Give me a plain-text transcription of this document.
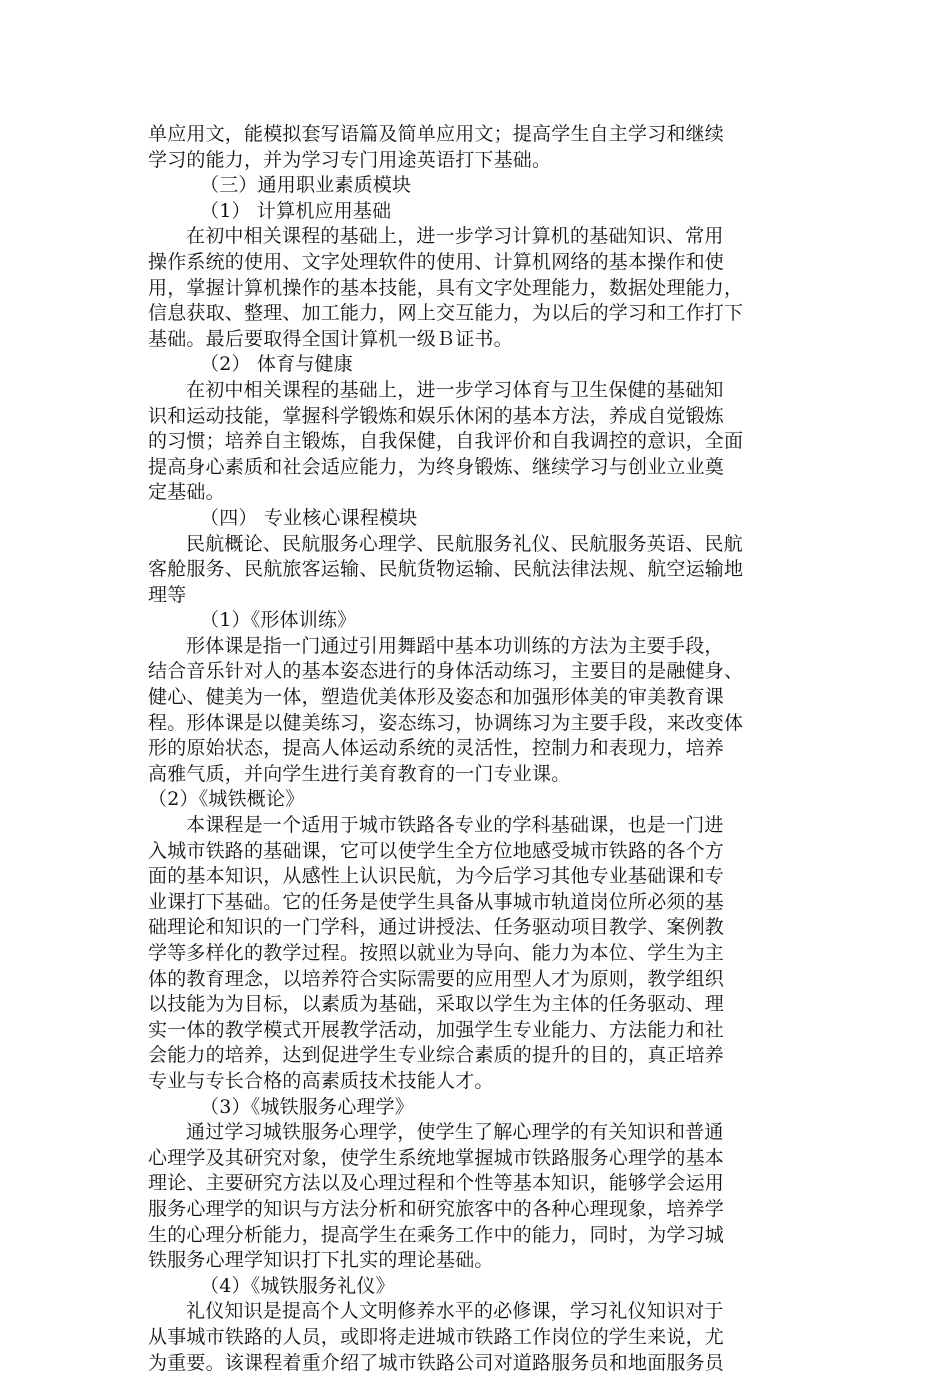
单应用文，能模拟套写语篇及简单应用文；提高学生自主学习和继续
学习的能力，并为学习专门用途英语打下基础。
（三）通用职业素质模块
（1） 计算机应用基础
在初中相关课程的基础上，进一步学习计算机的基础知识、常用
操作系统的使用、文字处理软件的使用、计算机网络的基本操作和使
用，掌握计算机操作的基本技能，具有文字处理能力，数据处理能力，
信息获取、整理、加工能力，网上交互能力，为以后的学习和工作打下
基础。最后要取得全国计算机一级Ｂ证书。
（2） 体育与健康
在初中相关课程的基础上，进一步学习体育与卫生保健的基础知
识和运动技能，掌握科学锻炼和娱乐休闲的基本方法，养成自觉锻炼
的习惯；培养自主锻炼，自我保健，自我评价和自我调控的意识，全面
提高身心素质和社会适应能力，为终身锻炼、继续学习与创业立业奠
定基础。
（四） 专业核心课程模块
民航概论、民航服务心理学、民航服务礼仪、民航服务英语、民航
客舱服务、民航旅客运输、民航货物运输、民航法律法规、航空运输地
理等
（1）《形体训练》
形体课是指一门通过引用舞蹈中基本功训练的方法为主要手段，
结合音乐针对人的基本姿态进行的身体活动练习，主要目的是融健身、
健心、健美为一体，塑造优美体形及姿态和加强形体美的审美教育课
程。形体课是以健美练习，姿态练习，协调练习为主要手段，来改变体
形的原始状态，提高人体运动系统的灵活性，控制力和表现力，培养
高雅气质，并向学生进行美育教育的一门专业课。
（2）《城铁概论》
本课程是一个适用于城市铁路各专业的学科基础课，也是一门进
入城市铁路的基础课，它可以使学生全方位地感受城市铁路的各个方
面的基本知识，从感性上认识民航，为今后学习其他专业基础课和专
业课打下基础。它的任务是使学生具备从事城市轨道岗位所必须的基
础理论和知识的一门学科，通过讲授法、任务驱动项目教学、案例教
学等多样化的教学过程。按照以就业为导向、能力为本位、学生为主
体的教育理念，以培养符合实际需要的应用型人才为原则，教学组织
以技能为为目标，以素质为基础，采取以学生为主体的任务驱动、理
实一体的教学模式开展教学活动，加强学生专业能力、方法能力和社
会能力的培养，达到促进学生专业综合素质的提升的目的，真正培养
专业与专长合格的高素质技术技能人才。
（3）《城铁服务心理学》
通过学习城铁服务心理学，使学生了解心理学的有关知识和普通
心理学及其研究对象，使学生系统地掌握城市铁路服务心理学的基本
理论、主要研究方法以及心理过程和个性等基本知识，能够学会运用
服务心理学的知识与方法分析和研究旅客中的各种心理现象，培养学
生的心理分析能力，提高学生在乘务工作中的能力，同时，为学习城
铁服务心理学知识打下扎实的理论基础。
（4）《城铁服务礼仪》
礼仪知识是提高个人文明修养水平的必修课，学习礼仪知识对于
从事城市铁路的人员，或即将走进城市铁路工作岗位的学生来说，尤
为重要。该课程着重介绍了城市铁路公司对道路服务员和地面服务员
